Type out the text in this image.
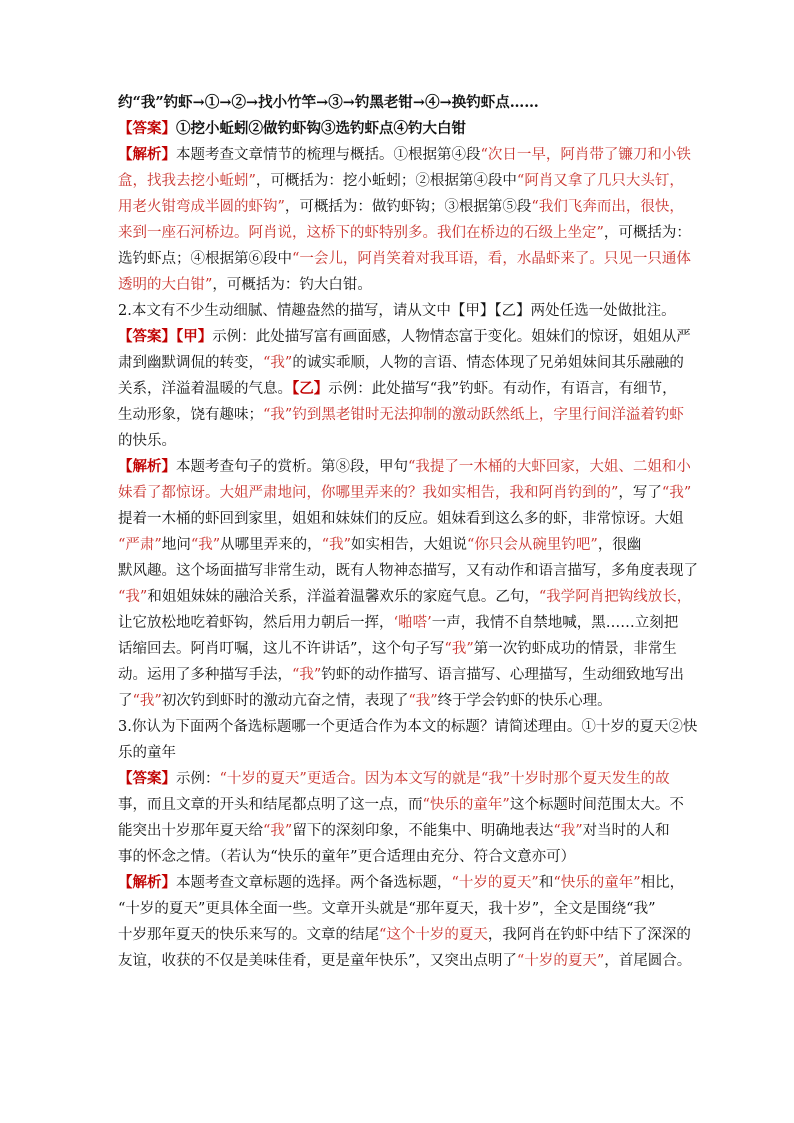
约“我”钓虾→①→②→找小竹竿→③→钓黑老钳→④→换钓虾点……
【答案】①挖小蚯蚓②做钓虾钩③选钓虾点④钓大白钳
【解析】本题考查文章情节的梳理与概括。①根据第④段“次日一早，阿肖带了镰刀和小铁
盒，找我去挖小蚯蚓”，可概括为：挖小蚯蚓；②根据第④段中“阿肖又拿了几只大头钉，
用老火钳弯成半圆的虾钩”，可概括为：做钓虾钩；③根据第⑤段“我们飞奔而出，很快，
来到一座石河桥边。阿肖说，这桥下的虾特别多。我们在桥边的石级上坐定”，可概括为：
选钓虾点；④根据第⑥段中“一会儿，阿肖笑着对我耳语，看，水晶虾来了。只见一只通体
透明的大白钳”，可概括为：钓大白钳。
2.本文有不少生动细腻、情趣盎然的描写，请从文中【甲】【乙】两处任选一处做批注。
【答案】【甲】示例：此处描写富有画面感，人物情态富于变化。姐妹们的惊讶，姐姐从严
肃到幽默调侃的转变，“我”的诚实乖顺，人物的言语、情态体现了兄弟姐妹间其乐融融的
关系，洋溢着温暖的气息。【乙】示例：此处描写“我”钓虾。有动作，有语言，有细节，
生动形象，饶有趣味；“我”钓到黑老钳时无法抑制的激动跃然纸上，字里行间洋溢着钓虾
的快乐。
【解析】本题考查句子的赏析。第⑧段，甲句“我提了一木桶的大虾回家，大姐、二姐和小
妹看了都惊讶。大姐严肃地问，你哪里弄来的？我如实相告，我和阿肖钓到的”，写了“我”
提着一木桶的虾回到家里，姐姐和妹妹们的反应。姐妹看到这么多的虾，非常惊讶。大姐
“严肃”地问“我”从哪里弄来的，“我”如实相告，大姐说“你只会从碗里钓吧”，很幽
默风趣。这个场面描写非常生动，既有人物神态描写，又有动作和语言描写，多角度表现了
“我”和姐姐妹妹的融洽关系，洋溢着温馨欢乐的家庭气息。乙句，“我学阿肖把钩线放长，
让它放松地吃着虾钩，然后用力朝后一挥，‘啪嗒’一声，我情不自禁地喊，黑……立刻把
话缩回去。阿肖叮嘱，这儿不许讲话”，这个句子写“我”第一次钓虾成功的情景，非常生
动。运用了多种描写手法，“我”钓虾的动作描写、语言描写、心理描写，生动细致地写出
了“我”初次钓到虾时的激动亢奋之情，表现了“我”终于学会钓虾的快乐心理。
3.你认为下面两个备选标题哪一个更适合作为本文的标题？请简述理由。①十岁的夏天②快
乐的童年
【答案】示例：“十岁的夏天”更适合。因为本文写的就是“我”十岁时那个夏天发生的故
事，而且文章的开头和结尾都点明了这一点，而“快乐的童年”这个标题时间范围太大。不
能突出十岁那年夏天给“我”留下的深刻印象，不能集中、明确地表达“我”对当时的人和
事的怀念之情。（若认为“快乐的童年”更合适理由充分、符合文意亦可）
【解析】本题考查文章标题的选择。两个备选标题，“十岁的夏天”和“快乐的童年”相比，
“十岁的夏天”更具体全面一些。文章开头就是“那年夏天，我十岁”，全文是围绕“我”
十岁那年夏天的快乐来写的。文章的结尾“这个十岁的夏天，我阿肖在钓虾中结下了深深的
友谊，收获的不仅是美味佳肴，更是童年快乐”，又突出点明了“十岁的夏天”，首尾圆合。
